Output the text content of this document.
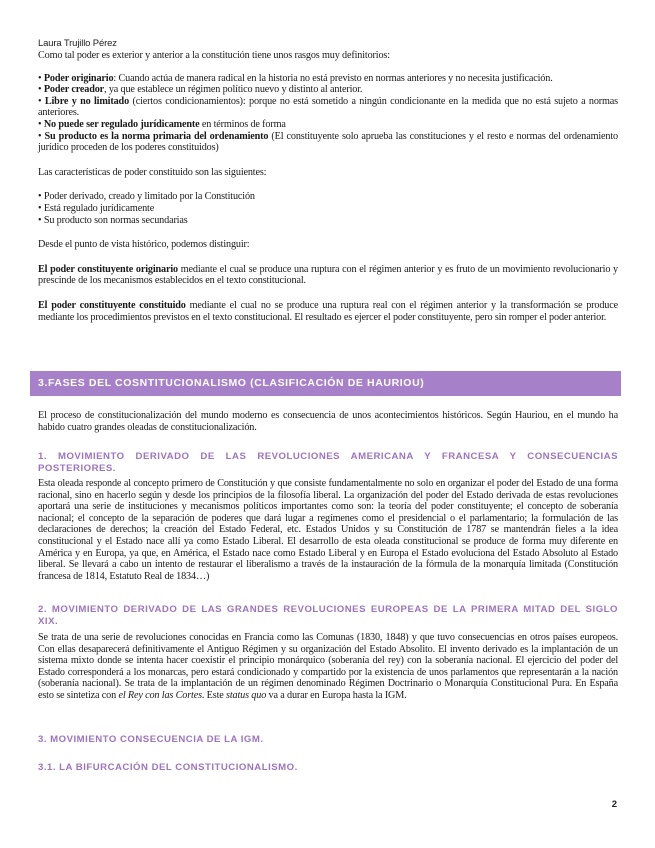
Laura Trujillo Pérez

Como tal poder es exterior y anterior a la constitución tiene unos rasgos muy definitorios:

• Poder originario: Cuando actúa de manera radical en la historia no está previsto en normas anteriores y no necesita justificación.

• Poder creador, ya que establece un régimen político nuevo y distinto al anterior.

• Libre y no limitado (ciertos condicionamientos): porque no está sometido a ningún condicionante en la medida que no está sujeto a normas anteriores.

• No puede ser regulado jurídicamente en términos de forma

• Su producto es la norma primaria del ordenamiento (El constituyente solo aprueba las constituciones y el resto e normas del ordenamiento jurídico proceden de los poderes constituidos)

Las características de poder constituido son las siguientes:

• Poder derivado, creado y limitado por la Constitución

• Está regulado jurídicamente

• Su producto son normas secundarias

Desde el punto de vista histórico, podemos distinguir:

El poder constituyente originario mediante el cual se produce una ruptura con el régimen anterior y es fruto de un movimiento revolucionario y prescinde de los mecanismos establecidos en el texto constitucional.

El poder constituyente constituido mediante el cual no se produce una ruptura real con el régimen anterior y la transformación se produce mediante los procedimientos previstos en el texto constitucional. El resultado es ejercer el poder constituyente, pero sin romper el poder anterior.

3.FASES DEL COSNTITUCIONALISMO (CLASIFICACIÓN DE HAURIOU)

El proceso de constitucionalización del mundo moderno es consecuencia de unos acontecimientos históricos. Según Hauriou, en el mundo ha habido cuatro grandes oleadas de constitucionalización.

1. MOVIMIENTO DERIVADO DE LAS REVOLUCIONES AMERICANA Y FRANCESA Y CONSECUENCIAS POSTERIORES.

Esta oleada responde al concepto primero de Constitución y que consiste fundamentalmente no solo en organizar el poder del Estado de una forma racional, sino en hacerlo según y desde los principios de la filosofía liberal. La organización del poder del Estado derivada de estas revoluciones aportará una serie de instituciones y mecanismos políticos importantes como son: la teoría del poder constituyente; el concepto de soberanía nacional; el concepto de la separación de poderes que dará lugar a regímenes como el presidencial o el parlamentario; la formulación de las declaraciones de derechos; la creación del Estado Federal, etc. Estados Unidos y su Constitución de 1787 se mantendrán fieles a la idea constitucional y el Estado nace allí ya como Estado Liberal. El desarrollo de esta oleada constitucional se produce de forma muy diferente en América y en Europa, ya que, en América, el Estado nace como Estado Liberal y en Europa el Estado evoluciona del Estado Absoluto al Estado liberal. Se llevará a cabo un intento de restaurar el liberalismo a través de la instauración de la fórmula de la monarquía limitada (Constitución francesa de 1814, Estatuto Real de 1834…)

2. MOVIMIENTO DERIVADO DE LAS GRANDES REVOLUCIONES EUROPEAS DE LA PRIMERA MITAD DEL SIGLO XIX.

Se trata de una serie de revoluciones conocidas en Francia como las Comunas (1830, 1848) y que tuvo consecuencias en otros países europeos. Con ellas desaparecerá definitivamente el Antiguo Régimen y su organización del Estado Absolito. El invento derivado es la implantación de un sistema mixto donde se intenta hacer coexistir el principio monárquico (soberanía del rey) con la soberanía nacional. El ejercicio del poder del Estado corresponderá a los monarcas, pero estará condicionado y compartido por la existencia de unos parlamentos que representarán a la nación (soberanía nacional). Se trata de la implantación de un régimen denominado Régimen Doctrinario o Monarquía Constitucional Pura. En España esto se sintetiza con el Rey con las Cortes. Este status quo va a durar en Europa hasta la IGM.

3. MOVIMIENTO CONSECUENCIA DE LA IGM.

3.1. LA BIFURCACIÓN DEL CONSTITUCIONALISMO.

2
